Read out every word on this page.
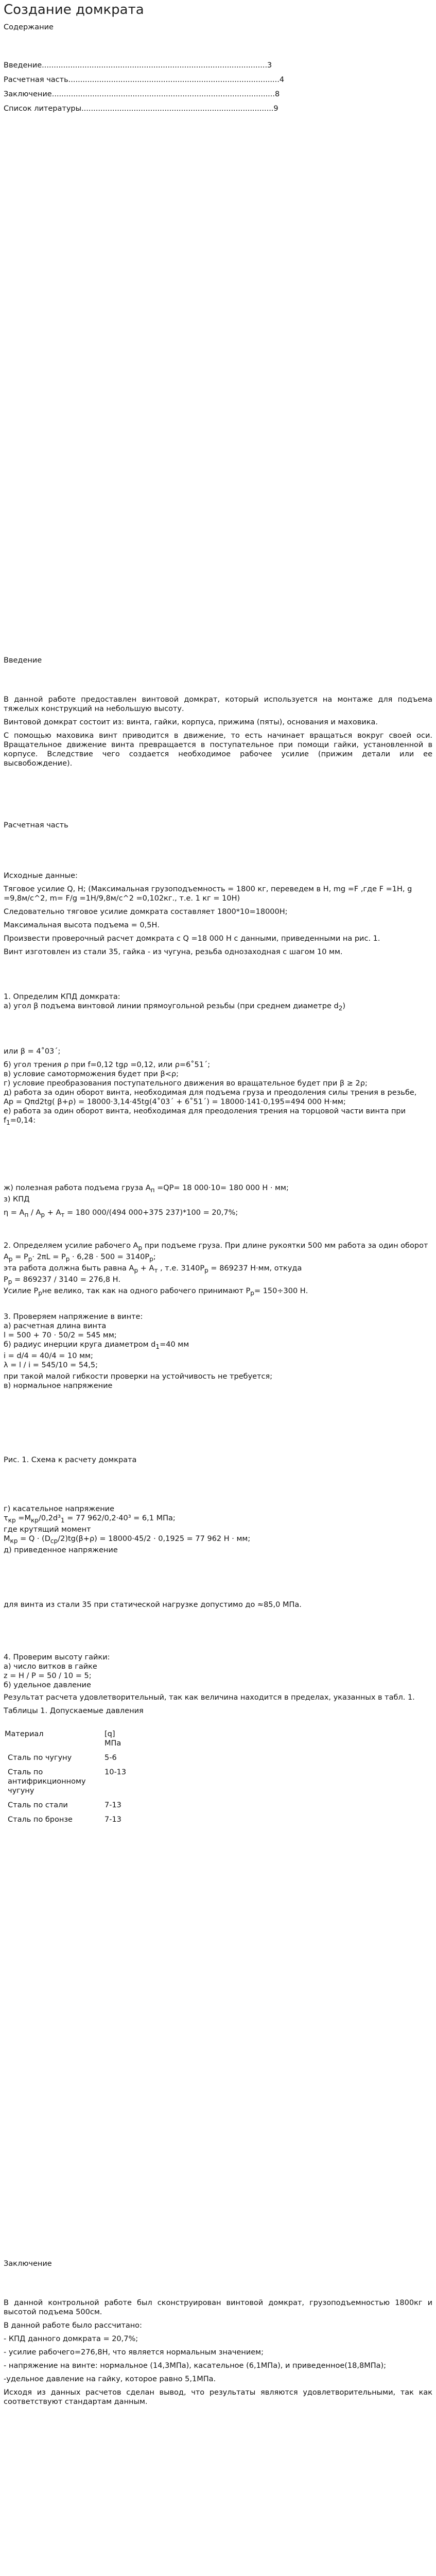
Создание домкрата
Содержание
Введение...............................................................................................3
Расчетная часть.........................................................................................4
Заключение..............................................................................................8
Список литературы.................................................................................9
Введение
В данной работе предоставлен винтовой домкрат, который используется на монтаже для подъема тяжелых конструкций на небольшую высоту.
Винтовой домкрат состоит из: винта, гайки, корпуса, прижима (пяты), основания и маховика.
С помощью маховика винт приводится в движение, то есть начинает вращаться вокруг своей оси. Вращательное движение винта превращается в поступательное при помощи гайки, установленной в корпусе. Вследствие чего создается необходимое рабочее усилие (прижим детали или ее высвобождение).
Расчетная часть
Исходные данные:
Тяговое усилие Q, Н; (Максимальная грузоподъемность = 1800 кг, переведем в Н, mg =F ,где F =1Н, g =9,8м/с^2, m= F/g =1Н/9,8м/с^2 =0,102кг., т.е. 1 кг = 10Н)
Следовательно тяговое усилие домкрата составляет 1800*10=18000Н;
Максимальная высота подъема = 0,5Н.
Произвести проверочный расчет домкрата с Q =18 000 Н с данными, приведенными на рис. 1.
Винт изготовлен из стали 35, гайка - из чугуна, резьба однозаходная с шагом 10 мм.
1. Определим КПД домкрата:
а) угол β подъема винтовой линии прямоугольной резьбы (при среднем диаметре $d_2$)
или β = 4˚03΄;
б) угол трения ρ при f=0,12 tgρ =0,12, или ρ=6˚51΄;
в) условие самоторможения будет при β<ρ;
г) условие преобразования поступательного движения во вращательное будет при β ≥ 2ρ;
д) работа за один оборот винта, необходимая для подъема груза и преодоления силы трения в резьбе,
Aр = Qπd2tg( β+ρ) = 18000·3,14·45tg(4˚03΄ + 6˚51΄) = 18000·141·0,195=494 000 Н·мм;
е) работа за один оборот винта, необходимая для преодоления трения на торцовой части винта при $f_1=0,14$:
ж) полезная работа подъема груза $A_п =QP= 18$ 000·10= 180 000 Н · мм;
з) КПД
$\eta = A_п / A_р + A_т = 180$ 000/(494 000+375 237)*100 = 20,7%;
2. Определяем усилие рабочего $A_р$ при подъеме груза. При длине рукоятки 500 мм работа за один оборот $A_р = P_p\cdot 2\pi L = P_p \cdot 6,28 \cdot 500 = 3140P_p$;
эта работа должна быть равна $A_р + A_т$ , т.е. $3140P_p = 869237$ Н·мм, откуда
$P_р = 869237 / 3140 = 276,8$ Н.
Усилие $P_рне$ велико, так как на одного рабочего принимают $P_р= 150\div 300$ Н.
3. Проверяем напряжение в винте:
а) расчетная длина винта
l = 500 + 70 · 50/2 = 545 мм;
б) радиус инерции круга диаметром $d_1=40$ мм
i = d/4 = 40/4 = 10 мм;
λ = l / i = 545/10 = 54,5;
при такой малой гибкости проверки на устойчивость не требуется;
в) нормальное напряжение
Рис. 1. Схема к расчету домкрата
г) касательное напряжение
$\tau_{кр} =M_{кр}/0,2d^3_1 = 77$ 962/0,2·40³ = 6,1 МПа;
где крутящий момент
$M_{кр} = Q \cdot (D_{ср}/2)tg(\beta+\rho) = 18000\cdot 45/2 \cdot 0,1925 = 77$ 962 Н · мм;
д) приведенное напряжение
для винта из стали 35 при статической нагрузке допустимо до ≈85,0 МПа.
4. Проверим высоту гайки:
а) число витков в гайке
z = H / P = 50 / 10 = 5;
б) удельное давление
Результат расчета удовлетворительный, так как величина находится в пределах, указанных в табл. 1.
Таблицы 1. Допускаемые давления
Материал	[q]
МПа

Сталь по чугуну	5-6
Сталь по антифрикционному чугуну	10-13
Сталь по стали	7-13
Сталь по бронзе	7-13
Заключение
В данной контрольной работе был сконструирован винтовой домкрат, грузоподъемностью 1800кг и высотой подъема 500см.
В данной работе было рассчитано:
- КПД данного домкрата = 20,7%;
- усилие рабочего=276,8Н, что является нормальным значением;
- напряжение на винте: нормальное (14,3МПа), касательное (6,1МПа), и приведенное(18,8МПа);
-удельное давление на гайку, которое равно 5,1МПа.
Исходя из данных расчетов сделан вывод, что результаты являются удовлетворительными, так как соответствуют стандартам данным.
